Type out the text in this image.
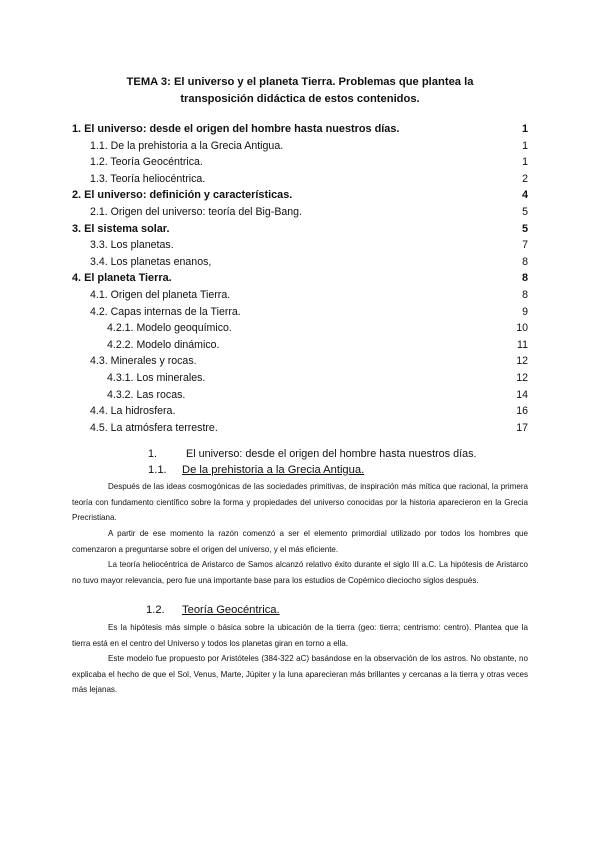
TEMA 3: El universo y el planeta Tierra. Problemas que plantea la
transposición didáctica de estos contenidos.
1. El universo: desde el origen del hombre hasta nuestros días.	1
1.1. De la prehistoria a la Grecia Antigua.	1
1.2. Teoría Geocéntrica.	1
1.3. Teoría heliocéntrica.	2
2. El universo: definición y características.	4
2.1. Origen del universo: teoría del Big-Bang.	5
3. El sistema solar.	5
3.3. Los planetas.	7
3.4. Los planetas enanos,	8
4. El planeta Tierra.	8
4.1. Origen del planeta Tierra.	8
4.2. Capas internas de la Tierra.	9
4.2.1. Modelo geoquímico.	10
4.2.2. Modelo dinámico.	11
4.3. Minerales y rocas.	12
4.3.1. Los minerales.	12
4.3.2. Las rocas.	14
4.4. La hidrosfera.	16
4.5. La atmósfera terrestre.	17
1.	El universo: desde el origen del hombre hasta nuestros días.
1.1. De la prehistoria a la Grecia Antigua.

Después de las ideas cosmogónicas de las sociedades primitivas, de inspiración más mítica que racional, la primera teoría con fundamento científico sobre la forma y propiedades del universo conocidas por la historia aparecieron en la Grecia Precristiana.

A partir de ese momento la razón comenzó a ser el elemento primordial utilizado por todos los hombres que comenzaron a preguntarse sobre el origen del universo, y el más eficiente.

La teoría heliocéntrica de Aristarco de Samos alcanzó relativo éxito durante el siglo III a.C. La hipótesis de Aristarco no tuvo mayor relevancia, pero fue una importante base para los estudios de Copérnico dieciocho siglos después.

1.2. Teoría Geocéntrica.

Es la hipótesis más simple o básica sobre la ubicación de la tierra (geo: tierra; centrismo: centro). Plantea que la tierra está en el centro del Universo y todos los planetas giran en torno a ella.

Este modelo fue propuesto por Aristóteles (384-322 aC) basándose en la observación de los astros. No obstante, no explicaba el hecho de que el Sol, Venus, Marte, Júpiter y la luna aparecieran más brillantes y cercanas a la tierra y otras veces más lejanas.
